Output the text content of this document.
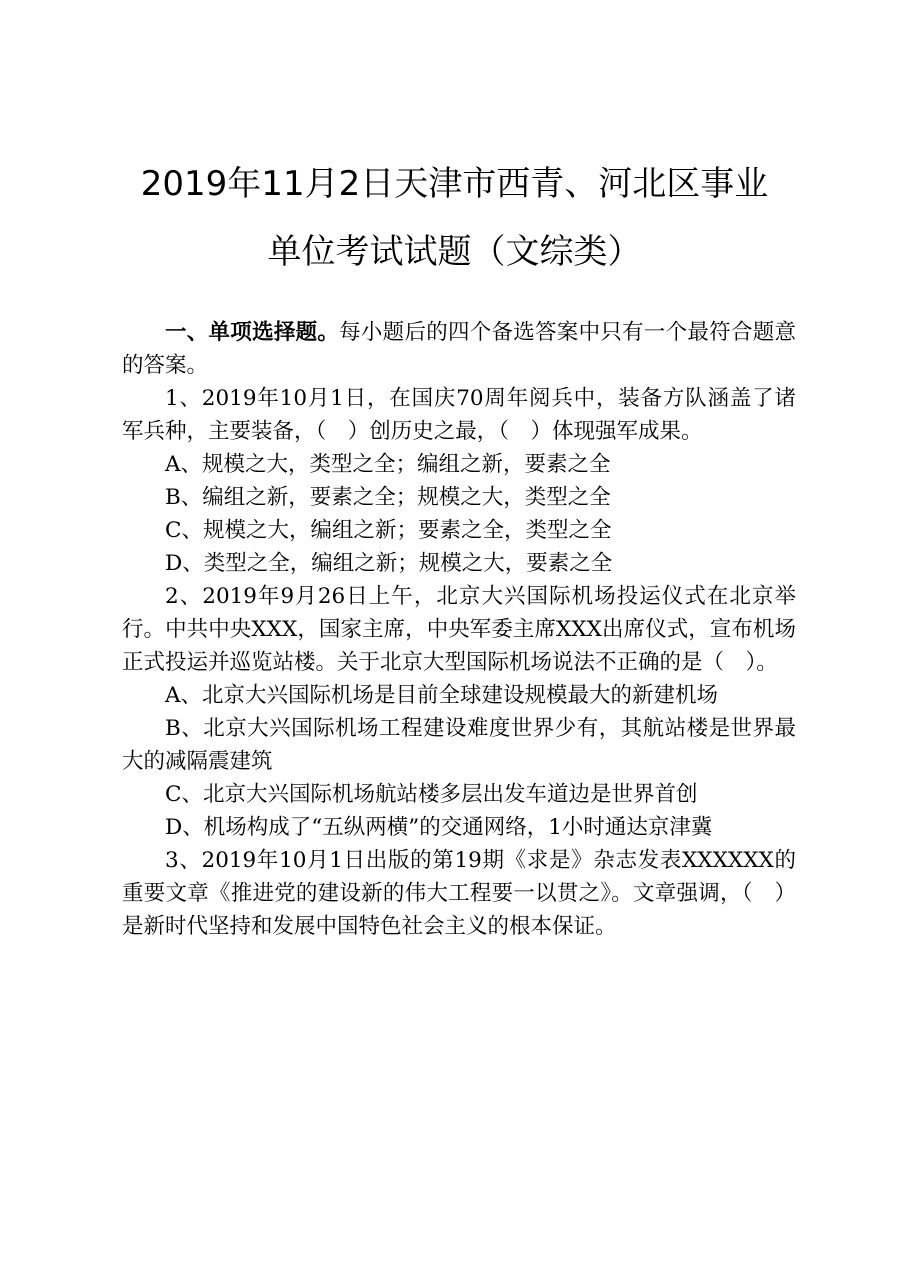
2019年11月2日天津市西青、河北区事业
单位考试试题（文综类）

一、单项选择题。每小题后的四个备选答案中只有一个最符合题意的答案。

1、2019年10月1日，在国庆70周年阅兵中，装备方队涵盖了诸军兵种，主要装备，（　）创历史之最，（　）体现强军成果。

A、规模之大，类型之全；编组之新，要素之全

B、编组之新，要素之全；规模之大，类型之全

C、规模之大，编组之新；要素之全，类型之全

D、类型之全，编组之新；规模之大，要素之全

2、2019年9月26日上午，北京大兴国际机场投运仪式在北京举行。中共中央XXX，国家主席，中央军委主席XXX出席仪式，宣布机场正式投运并巡览站楼。关于北京大型国际机场说法不正确的是（　）。

A、北京大兴国际机场是目前全球建设规模最大的新建机场

B、北京大兴国际机场工程建设难度世界少有，其航站楼是世界最大的减隔震建筑

C、北京大兴国际机场航站楼多层出发车道边是世界首创

D、机场构成了“五纵两横”的交通网络，1小时通达京津冀

3、2019年10月1日出版的第19期《求是》杂志发表XXXXXX的重要文章《推进党的建设新的伟大工程要一以贯之》。文章强调，（　）是新时代坚持和发展中国特色社会主义的根本保证。
